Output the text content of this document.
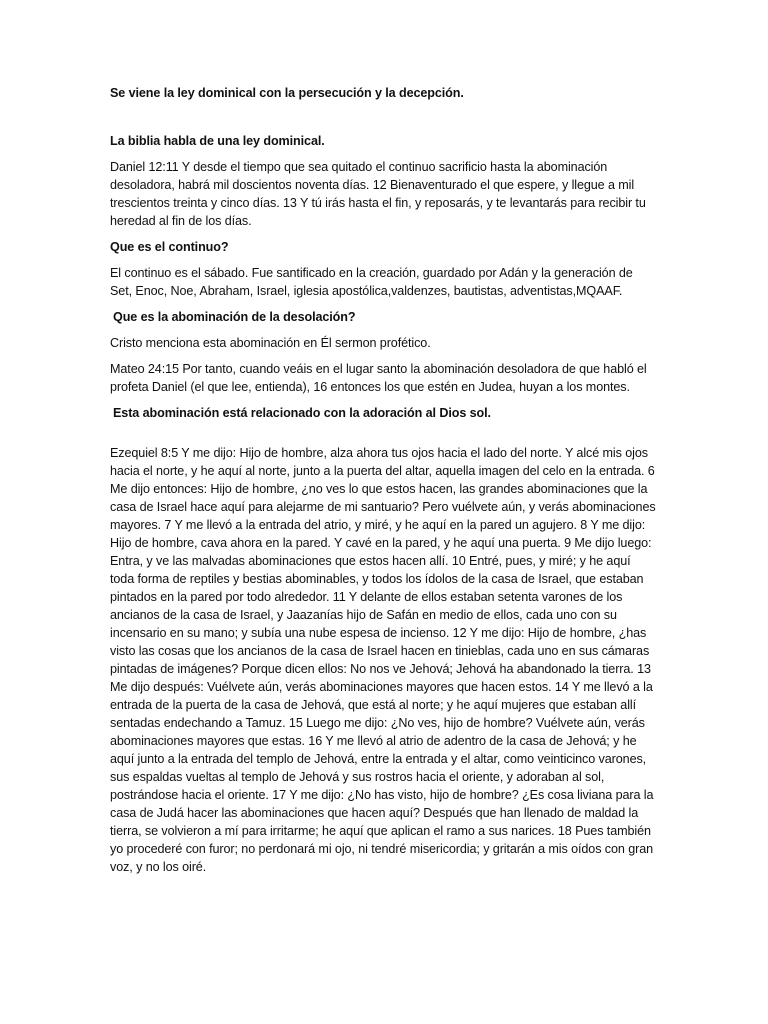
Se viene la ley dominical con la persecución y la decepción.

La biblia habla de una ley dominical.

Daniel 12:11 Y desde el tiempo que sea quitado el continuo sacrificio hasta la abominación desoladora, habrá mil doscientos noventa días. 12 Bienaventurado el que espere, y llegue a mil trescientos treinta y cinco días. 13 Y tú irás hasta el fin, y reposarás, y te levantarás para recibir tu heredad al fin de los días.

Que es el continuo?

El continuo es el sábado. Fue santificado en la creación, guardado por Adán y la generación de Set, Enoc, Noe, Abraham, Israel, iglesia apostólica,valdenzes, bautistas, adventistas,MQAAF.

Que es la abominación de la desolación?

Cristo menciona esta abominación en Él sermon profético.

Mateo 24:15 Por tanto, cuando veáis en el lugar santo la abominación desoladora de que habló el profeta Daniel (el que lee, entienda), 16 entonces los que estén en Judea, huyan a los montes.

Esta abominación está relacionado con la adoración al Dios sol.

Ezequiel 8:5 Y me dijo: Hijo de hombre, alza ahora tus ojos hacia el lado del norte. Y alcé mis ojos hacia el norte, y he aquí al norte, junto a la puerta del altar, aquella imagen del celo en la entrada. 6 Me dijo entonces: Hijo de hombre, ¿no ves lo que estos hacen, las grandes abominaciones que la casa de Israel hace aquí para alejarme de mi santuario? Pero vuélvete aún, y verás abominaciones mayores. 7 Y me llevó a la entrada del atrio, y miré, y he aquí en la pared un agujero. 8 Y me dijo: Hijo de hombre, cava ahora en la pared. Y cavé en la pared, y he aquí una puerta. 9 Me dijo luego: Entra, y ve las malvadas abominaciones que estos hacen allí. 10 Entré, pues, y miré; y he aquí toda forma de reptiles y bestias abominables, y todos los ídolos de la casa de Israel, que estaban pintados en la pared por todo alrededor. 11 Y delante de ellos estaban setenta varones de los ancianos de la casa de Israel, y Jaazanías hijo de Safán en medio de ellos, cada uno con su incensario en su mano; y subía una nube espesa de incienso. 12 Y me dijo: Hijo de hombre, ¿has visto las cosas que los ancianos de la casa de Israel hacen en tinieblas, cada uno en sus cámaras pintadas de imágenes? Porque dicen ellos: No nos ve Jehová; Jehová ha abandonado la tierra. 13 Me dijo después: Vuélvete aún, verás abominaciones mayores que hacen estos. 14 Y me llevó a la entrada de la puerta de la casa de Jehová, que está al norte; y he aquí mujeres que estaban allí sentadas endechando a Tamuz. 15 Luego me dijo: ¿No ves, hijo de hombre? Vuélvete aún, verás abominaciones mayores que estas. 16 Y me llevó al atrio de adentro de la casa de Jehová; y he aquí junto a la entrada del templo de Jehová, entre la entrada y el altar, como veinticinco varones, sus espaldas vueltas al templo de Jehová y sus rostros hacia el oriente, y adoraban al sol, postrándose hacia el oriente. 17 Y me dijo: ¿No has visto, hijo de hombre? ¿Es cosa liviana para la casa de Judá hacer las abominaciones que hacen aquí? Después que han llenado de maldad la tierra, se volvieron a mí para irritarme; he aquí que aplican el ramo a sus narices. 18 Pues también yo procederé con furor; no perdonará mi ojo, ni tendré misericordia; y gritarán a mis oídos con gran voz, y no los oiré.
